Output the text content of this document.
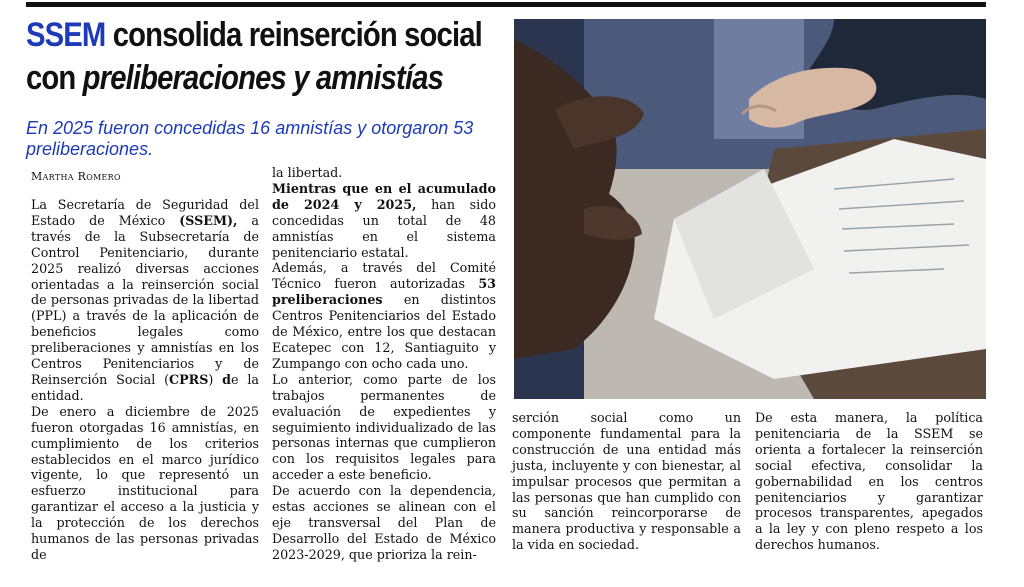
SSEM consolida reinserción social
con preliberaciones y amnistías
En 2025 fueron concedidas 16 amnistías y otorgaron 53 preliberaciones.
Martha Romero

La Secretaría de Seguridad del Estado de México (SSEM), a través de la Subsecretaría de Control Penitenciario, durante 2025 realizó diversas acciones orientadas a la reinserción social de personas privadas de la libertad (PPL) a través de la aplicación de beneficios legales como preliberaciones y amnistías en los Centros Penitenciarios y de Reinserción Social (CPRS) de la entidad.

De enero a diciembre de 2025 fueron otorgadas 16 amnistías, en cumplimiento de los criterios establecidos en el marco jurídico vigente, lo que representó un esfuerzo institucional para garantizar el acceso a la justicia y la protección de los derechos humanos de las personas privadas de

la libertad.

Mientras que en el acumulado de 2024 y 2025, han sido concedidas un total de 48 amnistías en el sistema penitenciario estatal.

Además, a través del Comité Técnico fueron autorizadas 53 preliberaciones en distintos Centros Penitenciarios del Estado de México, entre los que destacan Ecatepec con 12, Santiaguito y Zumpango con ocho cada uno.

Lo anterior, como parte de los trabajos permanentes de evaluación de expedientes y seguimiento individualizado de las personas internas que cumplieron con los requisitos legales para acceder a este beneficio.

De acuerdo con la dependencia, estas acciones se alinean con el eje transversal del Plan de Desarrollo del Estado de México 2023-2029, que prioriza la rein-

serción social como un componente fundamental para la construcción de una entidad más justa, incluyente y con bienestar, al impulsar procesos que permitan a las personas que han cumplido con su sanción reincorporarse de manera productiva y responsable a la vida en sociedad.

De esta manera, la política penitenciaria de la SSEM se orienta a fortalecer la reinserción social efectiva, consolidar la gobernabilidad en los centros penitenciarios y garantizar procesos transparentes, apegados a la ley y con pleno respeto a los derechos humanos.
